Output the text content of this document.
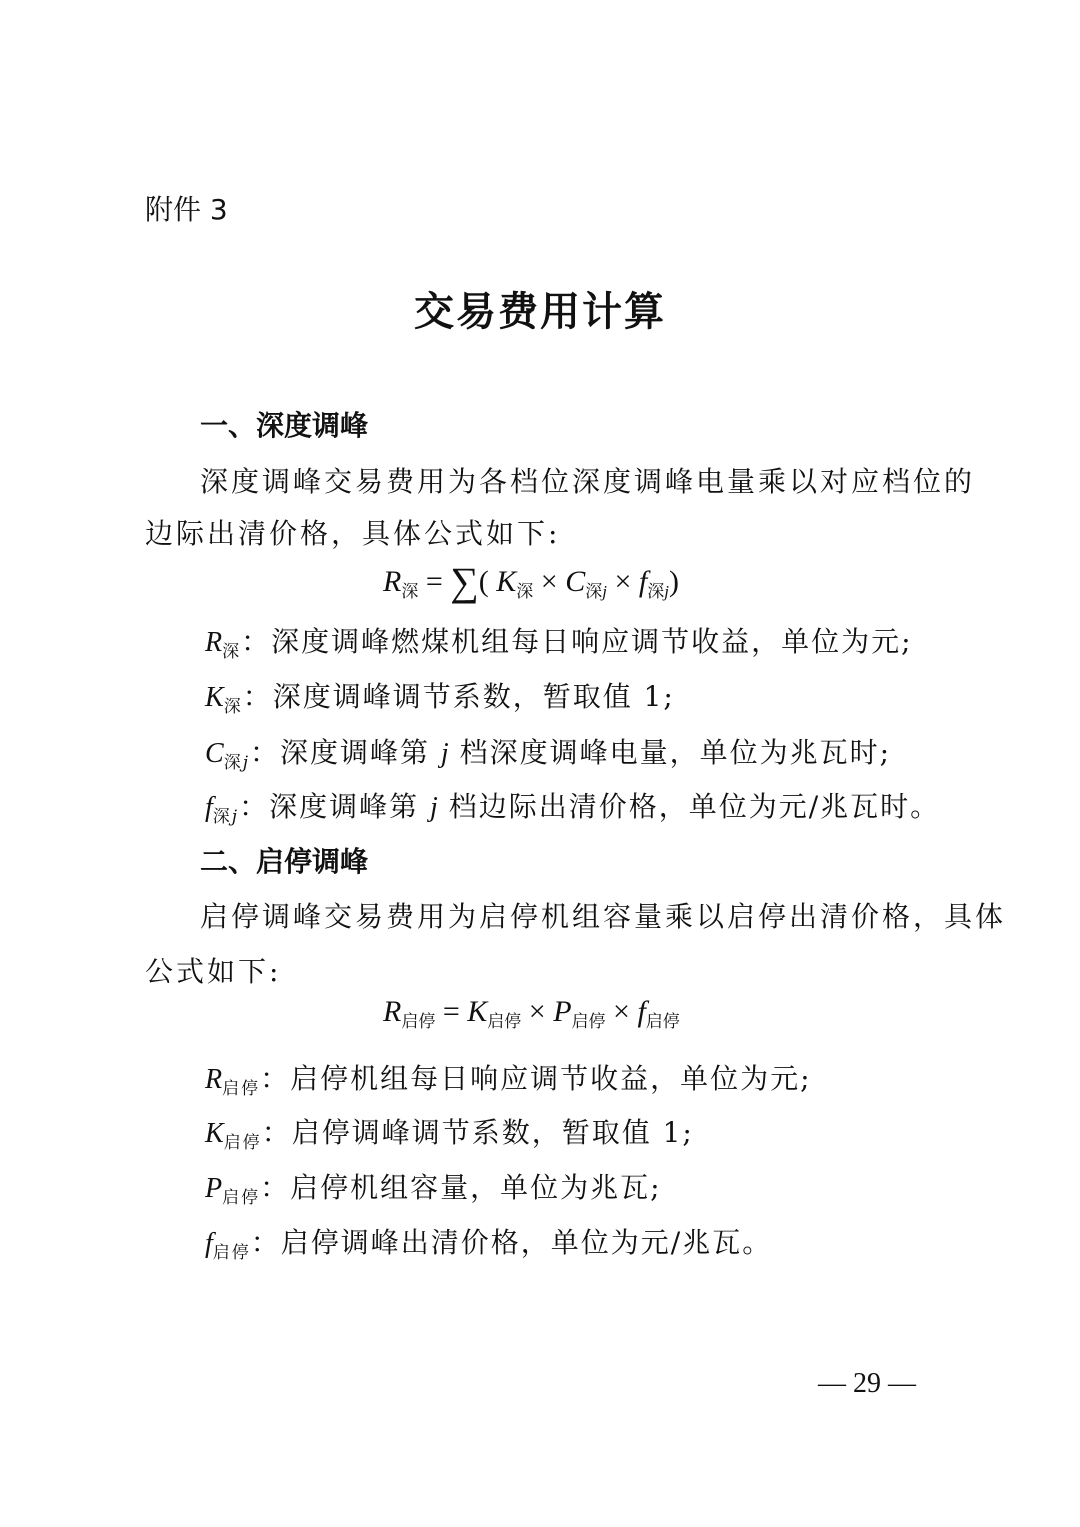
附件 3
交易费用计算
一、深度调峰
深度调峰交易费用为各档位深度调峰电量乘以对应档位的
边际出清价格，具体公式如下:
$R_深$ = ∑( $K_深 \times C_{深j} \times f_{深j}$)
$R_深$：深度调峰燃煤机组每日响应调节收益，单位为元;
$K_深$：深度调峰调节系数，暂取值 1;
$C_{深j}$：深度调峰第 j 档深度调峰电量，单位为兆瓦时;
$f_{深j}$：深度调峰第 j 档边际出清价格，单位为元/兆瓦时。
二、启停调峰
启停调峰交易费用为启停机组容量乘以启停出清价格，具体
公式如下:
$R_{启停} = K_{启停} \times P_{启停} \times f_{启停}$
$R_{启停}$：启停机组每日响应调节收益，单位为元;
$K_{启停}$：启停调峰调节系数，暂取值 1;
$P_{启停}$：启停机组容量，单位为兆瓦;
$f_{启停}$：启停调峰出清价格，单位为元/兆瓦。
— 29 —
